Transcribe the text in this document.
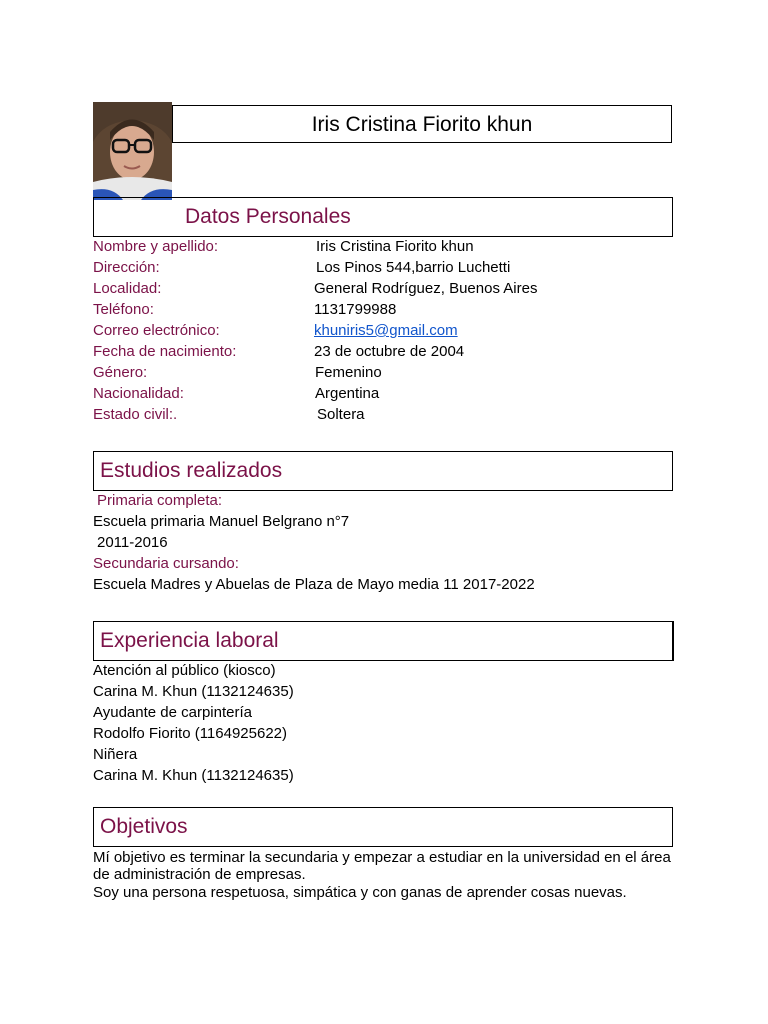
Iris Cristina Fiorito khun
Datos Personales
Nombre y apellido:	Iris Cristina Fiorito khun
Dirección:	Los Pinos 544,barrio Luchetti
Localidad:	General Rodríguez, Buenos Aires
Teléfono:	1131799988
Correo electrónico:	khuniris5@gmail.com
Fecha de nacimiento:	23 de octubre de 2004
Género:	Femenino
Nacionalidad:	Argentina
Estado civil:.	Soltera
Estudios realizados
Primaria completa:
Escuela primaria Manuel Belgrano n°7
2011-2016
Secundaria cursando:
Escuela Madres y Abuelas de Plaza de Mayo media 11 2017-2022
Experiencia laboral
Atención al público (kiosco)
Carina M. Khun (1132124635)
Ayudante de carpintería
Rodolfo Fiorito (1164925622)
Niñera
Carina M. Khun (1132124635)
Objetivos
Mí objetivo es terminar la secundaria y empezar a estudiar en la universidad en el área de administración de empresas.
Soy una persona respetuosa, simpática y con ganas de aprender cosas nuevas.
